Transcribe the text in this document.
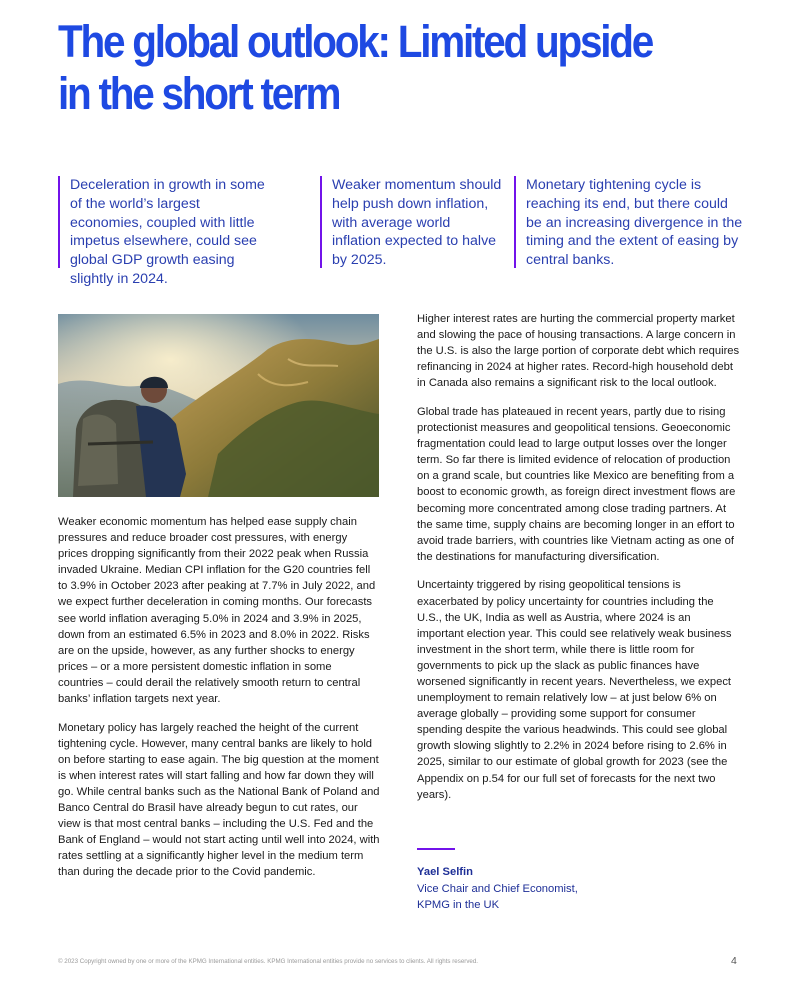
The global outlook: Limited upside in the short term
Deceleration in growth in some of the world’s largest economies, coupled with little impetus elsewhere, could see global GDP growth easing slightly in 2024.
Weaker momentum should help push down inflation, with average world inflation expected to halve by 2025.
Monetary tightening cycle is reaching its end, but there could be an increasing divergence in the timing and the extent of easing by central banks.

Weaker economic momentum has helped ease supply chain pressures and reduce broader cost pressures, with energy prices dropping significantly from their 2022 peak when Russia invaded Ukraine. Median CPI inflation for the G20 countries fell to 3.9% in October 2023 after peaking at 7.7% in July 2022, and we expect further deceleration in coming months. Our forecasts see world inflation averaging 5.0% in 2024 and 3.9% in 2025, down from an estimated 6.5% in 2023 and 8.0% in 2022. Risks are on the upside, however, as any further shocks to energy prices – or a more persistent domestic inflation in some countries – could derail the relatively smooth return to central banks’ inflation targets next year.

Monetary policy has largely reached the height of the current tightening cycle. However, many central banks are likely to hold on before starting to ease again. The big question at the moment is when interest rates will start falling and how far down they will go. While central banks such as the National Bank of Poland and Banco Central do Brasil have already begun to cut rates, our view is that most central banks – including the U.S. Fed and the Bank of England – would not start acting until well into 2024, with rates settling at a significantly higher level in the medium term than during the decade prior to the Covid pandemic.

Higher interest rates are hurting the commercial property market and slowing the pace of housing transactions. A large concern in the U.S. is also the large portion of corporate debt which requires refinancing in 2024 at higher rates. Record-high household debt in Canada also remains a significant risk to the local outlook.

Global trade has plateaued in recent years, partly due to rising protectionist measures and geopolitical tensions. Geoeconomic fragmentation could lead to large output losses over the longer term. So far there is limited evidence of relocation of production on a grand scale, but countries like Mexico are benefiting from a boost to economic growth, as foreign direct investment flows are becoming more concentrated among close trading partners. At the same time, supply chains are becoming longer in an effort to avoid trade barriers, with countries like Vietnam acting as one of the destinations for manufacturing diversification.

Uncertainty triggered by rising geopolitical tensions is exacerbated by policy uncertainty for countries including the U.S., the UK, India as well as Austria, where 2024 is an important election year. This could see relatively weak business investment in the short term, while there is little room for governments to pick up the slack as public finances have worsened significantly in recent years. Nevertheless, we expect unemployment to remain relatively low – at just below 6% on average globally – providing some support for consumer spending despite the various headwinds. This could see global growth slowing slightly to 2.2% in 2024 before rising to 2.6% in 2025, similar to our estimate of global growth for 2023 (see the Appendix on p.54 for our full set of forecasts for the next two years).

Yael Selfin
Vice Chair and Chief Economist,
KPMG in the UK
© 2023 Copyright owned by one or more of the KPMG International entities. KPMG International entities provide no services to clients. All rights reserved.	4
